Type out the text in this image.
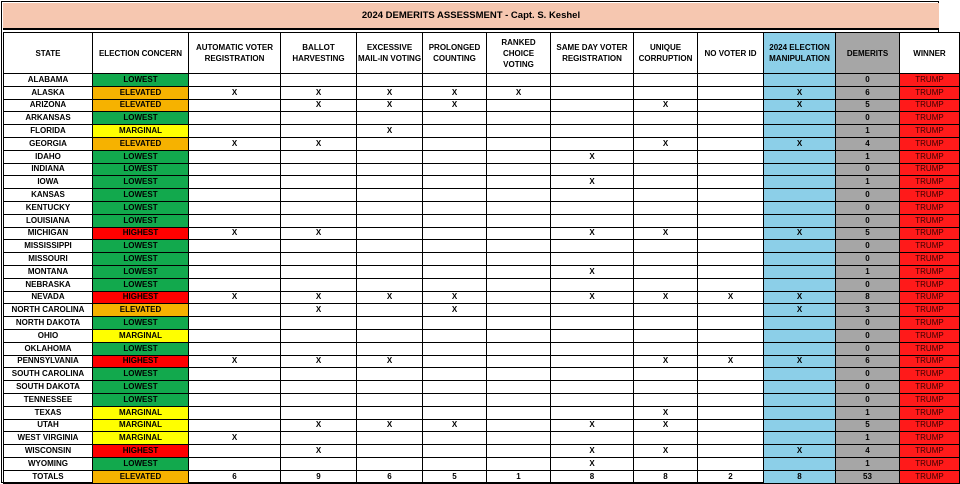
2024 DEMERITS ASSESSMENT - Capt. S. Keshel
STATE	ELECTION CONCERN	AUTOMATIC VOTER REGISTRATION	BALLOT HARVESTING	EXCESSIVE MAIL-IN VOTING	PROLONGED COUNTING	RANKED CHOICE VOTING	SAME DAY VOTER REGISTRATION	UNIQUE CORRUPTION	NO VOTER ID	2024 ELECTION MANIPULATION	DEMERITS	WINNER
ALABAMA	LOWEST										0	TRUMP
ALASKA	ELEVATED	X	X	X	X	X				X	6	TRUMP
ARIZONA	ELEVATED		X	X	X			X		X	5	TRUMP
ARKANSAS	LOWEST										0	TRUMP
FLORIDA	MARGINAL			X							1	TRUMP
GEORGIA	ELEVATED	X	X					X		X	4	TRUMP
IDAHO	LOWEST						X				1	TRUMP
INDIANA	LOWEST										0	TRUMP
IOWA	LOWEST						X				1	TRUMP
KANSAS	LOWEST										0	TRUMP
KENTUCKY	LOWEST										0	TRUMP
LOUISIANA	LOWEST										0	TRUMP
MICHIGAN	HIGHEST	X	X				X	X		X	5	TRUMP
MISSISSIPPI	LOWEST										0	TRUMP
MISSOURI	LOWEST										0	TRUMP
MONTANA	LOWEST						X				1	TRUMP
NEBRASKA	LOWEST										0	TRUMP
NEVADA	HIGHEST	X	X	X	X		X	X	X	X	8	TRUMP
NORTH CAROLINA	ELEVATED		X		X					X	3	TRUMP
NORTH DAKOTA	LOWEST										0	TRUMP
OHIO	MARGINAL										0	TRUMP
OKLAHOMA	LOWEST										0	TRUMP
PENNSYLVANIA	HIGHEST	X	X	X				X	X	X	6	TRUMP
SOUTH CAROLINA	LOWEST										0	TRUMP
SOUTH DAKOTA	LOWEST										0	TRUMP
TENNESSEE	LOWEST										0	TRUMP
TEXAS	MARGINAL							X			1	TRUMP
UTAH	MARGINAL		X	X	X		X	X			5	TRUMP
WEST VIRGINIA	MARGINAL	X									1	TRUMP
WISCONSIN	HIGHEST		X				X	X		X	4	TRUMP
WYOMING	LOWEST						X				1	TRUMP
TOTALS	ELEVATED	6	9	6	5	1	8	8	2	8	53	TRUMP
